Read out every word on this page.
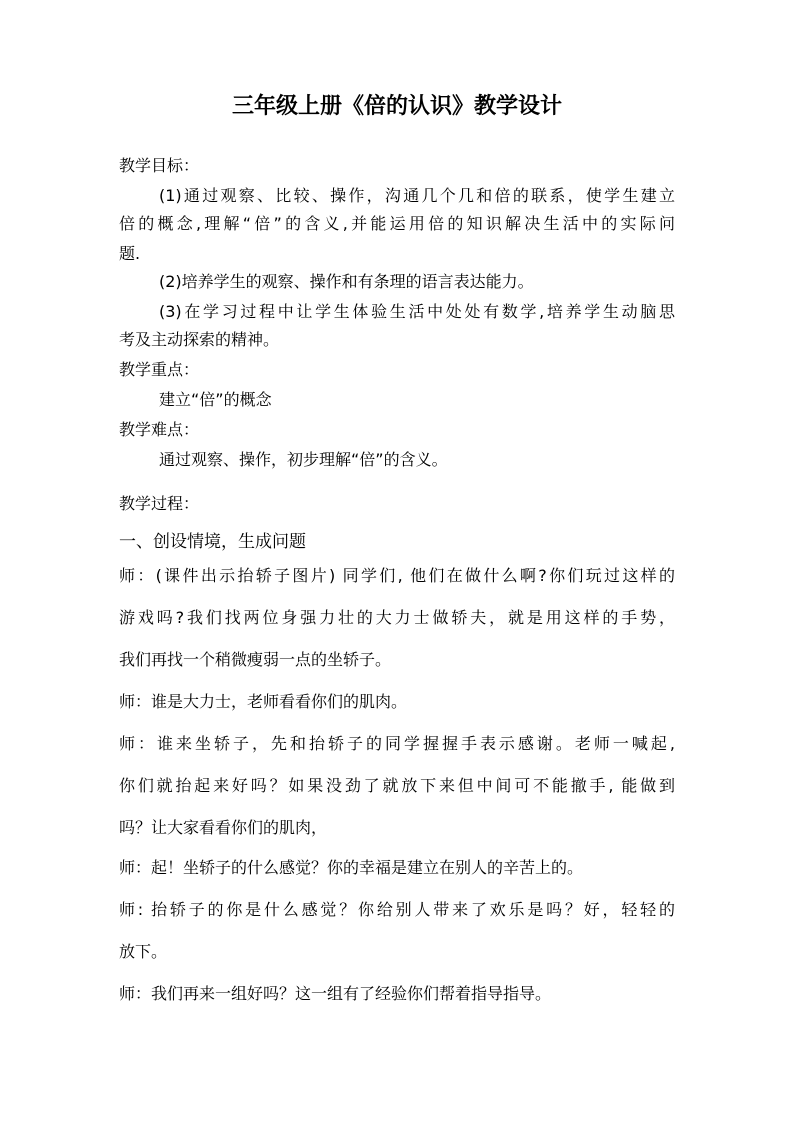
三年级上册《倍的认识》教学设计
教学目标：
(1)通过观察、比较、操作，沟通几个几和倍的联系，使学生建立
倍的概念,理解“倍”的含义,并能运用倍的知识解决生活中的实际问
题.
(2)培养学生的观察、操作和有条理的语言表达能力。
(3)在学习过程中让学生体验生活中处处有数学,培养学生动脑思
考及主动探索的精神。
教学重点：
建立“倍”的概念
教学难点：
通过观察、操作，初步理解“倍”的含义。
教学过程：
一、创设情境，生成问题
师：(课件出示抬轿子图片) 同学们, 他们在做什么啊?你们玩过这样的
游戏吗?我们找两位身强力壮的大力士做轿夫，就是用这样的手势，
我们再找一个稍微瘦弱一点的坐轿子。
师：谁是大力士，老师看看你们的肌肉。
师：谁来坐轿子，先和抬轿子的同学握握手表示感谢。老师一喊起,
你们就抬起来好吗？如果没劲了就放下来但中间可不能撤手, 能做到
吗？让大家看看你们的肌肉，
师：起！坐轿子的什么感觉？你的幸福是建立在别人的辛苦上的。
师: 抬轿子的你是什么感觉？你给别人带来了欢乐是吗？好，轻轻的
放下。
师：我们再来一组好吗？这一组有了经验你们帮着指导指导。
